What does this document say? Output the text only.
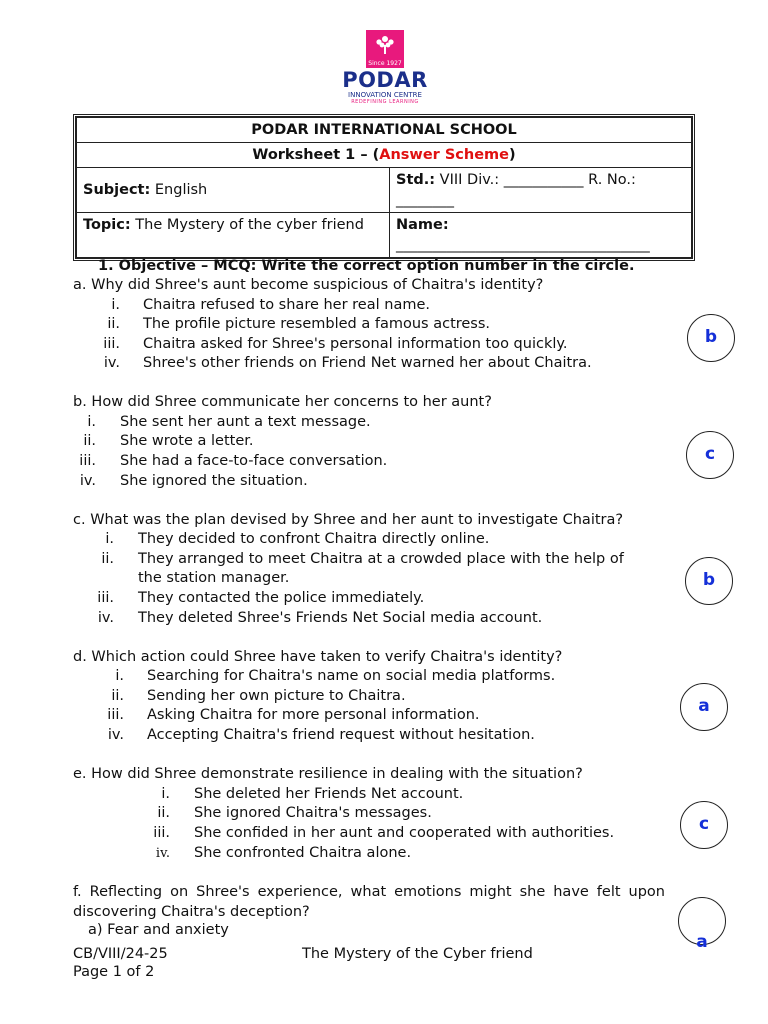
Since 1927
PODAR
INNOVATION CENTRE
REDEFINING LEARNING
PODAR INTERNATIONAL SCHOOL	
Worksheet 1 – (Answer Scheme)	
Subject: English	Std.: VIII Div.: ___________ R. No.: ________
Topic: The Mystery of the cyber friend	Name:
___________________________________
1. Objective – MCQ: Write the correct option number in the circle.
a. Why did Shree's aunt become suspicious of Chaitra's identity?
i. Chaitra refused to share her real name.
ii. The profile picture resembled a famous actress.
iii. Chaitra asked for Shree's personal information too quickly.
iv. Shree's other friends on Friend Net warned her about Chaitra.
b
b. How did Shree communicate her concerns to her aunt?
i. She sent her aunt a text message.
ii. She wrote a letter.
iii. She had a face-to-face conversation.
iv. She ignored the situation.
c
c. What was the plan devised by Shree and her aunt to investigate Chaitra?
i. They decided to confront Chaitra directly online.
ii. They arranged to meet Chaitra at a crowded place with the help of
the station manager.
iii. They contacted the police immediately.
iv. They deleted Shree's Friends Net Social media account.
b
d. Which action could Shree have taken to verify Chaitra's identity?
i. Searching for Chaitra's name on social media platforms.
ii. Sending her own picture to Chaitra.
iii. Asking Chaitra for more personal information.
iv. Accepting Chaitra's friend request without hesitation.
a
e. How did Shree demonstrate resilience in dealing with the situation?
i. She deleted her Friends Net account.
ii. She ignored Chaitra's messages.
iii. She confided in her aunt and cooperated with authorities.
iv. She confronted Chaitra alone.
c
f. Reflecting on Shree's experience, what emotions might she have felt upon discovering Chaitra's deception?
a) Fear and anxiety
a
CB/VIII/24-25	The Mystery of the Cyber friend
Page 1 of 2
